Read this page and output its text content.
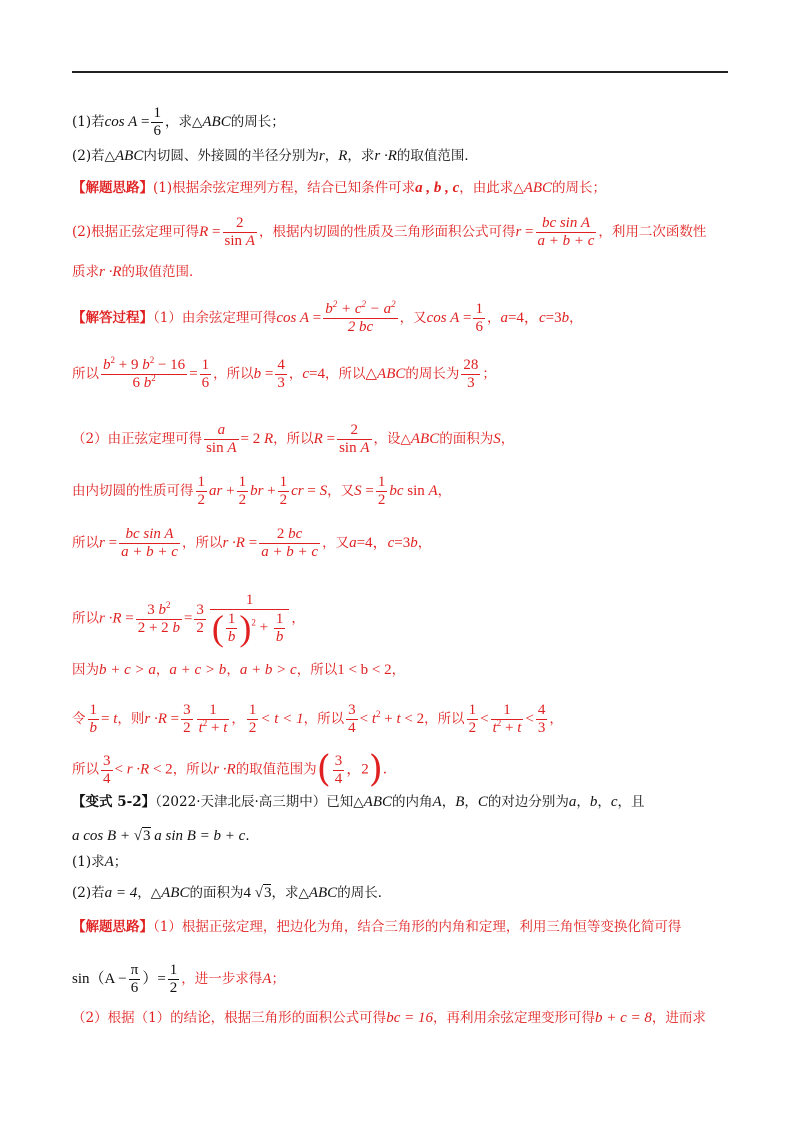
(1)若$\cos A = \frac{1}{6}$ ，求△ABC的周长；
(2)若△ABC内切圆、外接圆的半径分别为r，R，求r ·R的取值范围．
【解题思路】(1)根据余弦定理列方程，结合已知条件可求a , b , c，由此求△ABC的周长；
(2)根据正弦定理可得$R = \frac{2}{\text{sin A}}$ ，根据内切圆的性质及三角形面积公式可得$r = \frac{\text{bc sin A}}{a + b + c}$ ，利用二次函数性
质求r ·R的取值范围．
【解答过程】（1）由余弦定理可得$\cos A = \frac{b^2 + c^2 - a^2}{2 bc}$ ，又$\cos A = \frac{1}{6}$ ，a=4，c=3b，
所以 $\frac{b^2 + 9 b^2 - 16}{6 b^2} = \frac{1}{6}$ ，所以$b = \frac{4}{3}$ ，c=4，所以△ABC的周长为 $\frac{28}{3}$ ；
（2）由正弦定理可得 $\frac{a}{\text{sin A}} = 2$ R，所以$R = \frac{2}{\text{sin A}}$ ，设△ABC的面积为S，
由内切圆的性质可得 $\frac{1}{2}$ ar + $\frac{1}{2}$ br + $\frac{1}{2}$ cr = S，又$S = \frac{1}{2}$ bc sin A，
所以$r = \frac{\text{bc sin A}}{a + b + c}$ ，所以$r \cdot R = \frac{2 bc}{a + b + c}$ ，又a=4，c=3b，
所以$r \cdot R = \frac{3 b^2}{2 + 2 b} = \frac{3}{2} \frac{1}{( \frac{1}{b} )^2 + \frac{1}{b}}$ ，
因为b + c > a，a + c > b，a + b > c，所以1 < b < 2，
令 $\frac{1}{b} = t$，则$r \cdot R = \frac{3}{2} \frac{1}{t^2 + t}$ ， $\frac{1}{2} < t < 1$，所以 $\frac{3}{4} < t^2 + t < 2$，所以 $\frac{1}{2} < \frac{1}{t^2 + t} < \frac{4}{3}$ ，
所以 $\frac{3}{4} < r \cdot R < 2$，所以r ·R的取值范围为( $\frac{3}{4}$ ，2).
【变式 5-2】（2022·天津北辰·高三期中）已知△ABC的内角A，B，C的对边分别为a，b，c，且
a cos B + √3 a sin B = b + c．
(1)求A；
(2)若a = 4，△ABC的面积为4 √3，求△ABC的周长．
【解题思路】（1）根据正弦定理，把边化为角，结合三角形的内角和定理，利用三角恒等变换化简可得
$\sin(A - \frac{\pi}{6}$ ）= $\frac{1}{2}$ ，进一步求得A；
（2）根据（1）的结论，根据三角形的面积公式可得bc = 16，再利用余弦定理变形可得b + c = 8，进而求
